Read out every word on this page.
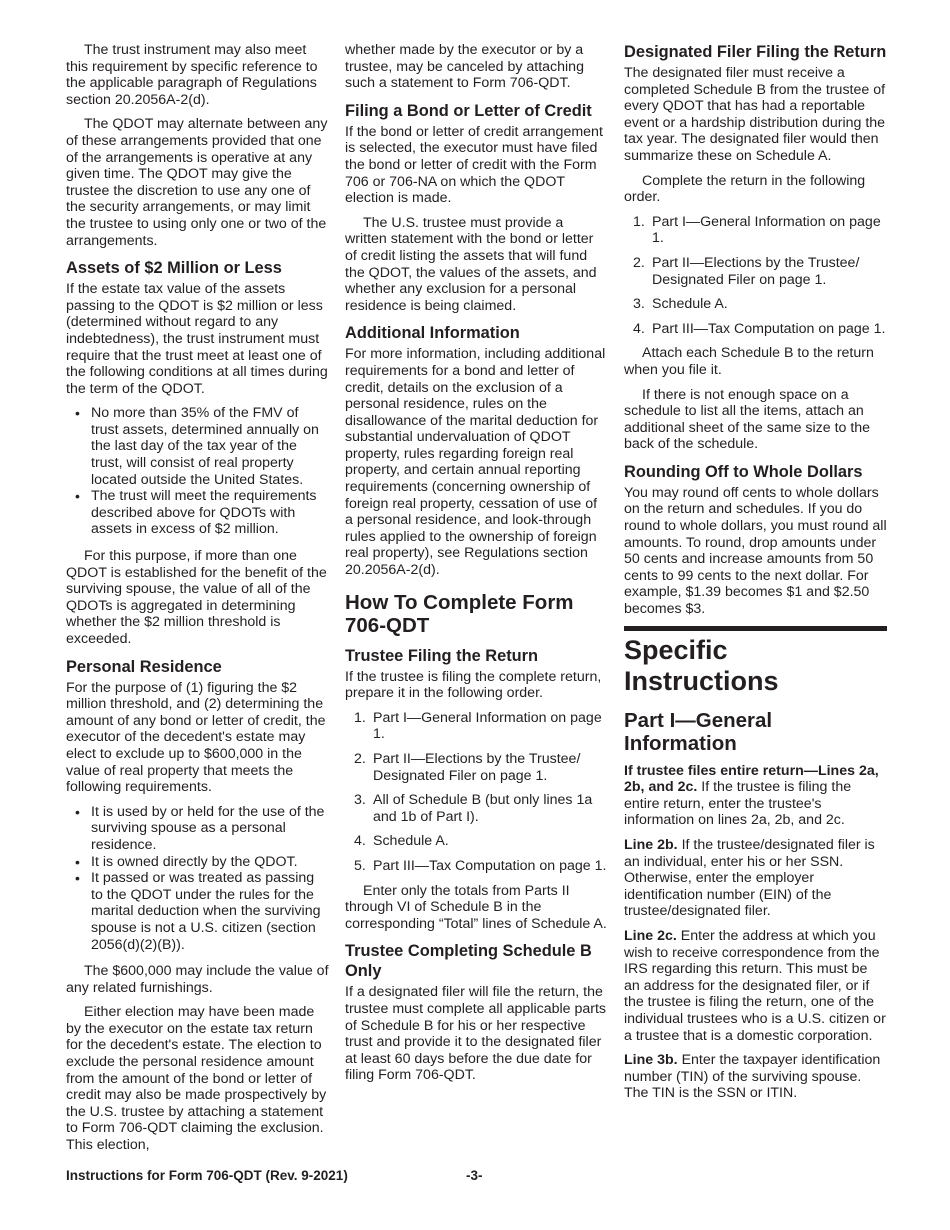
The trust instrument may also meet this requirement by specific reference to the applicable paragraph of Regulations section 20.2056A-2(d).

The QDOT may alternate between any of these arrangements provided that one of the arrangements is operative at any given time. The QDOT may give the trustee the discretion to use any one of the security arrangements, or may limit the trustee to using only one or two of the arrangements.

Assets of $2 Million or Less

If the estate tax value of the assets passing to the QDOT is $2 million or less (determined without regard to any indebtedness), the trust instrument must require that the trust meet at least one of the following conditions at all times during the term of the QDOT.

• No more than 35% of the FMV of trust assets, determined annually on the last day of the tax year of the trust, will consist of real property located outside the United States.
• The trust will meet the requirements described above for QDOTs with assets in excess of $2 million.

For this purpose, if more than one QDOT is established for the benefit of the surviving spouse, the value of all of the QDOTs is aggregated in determining whether the $2 million threshold is exceeded.

Personal Residence

For the purpose of (1) figuring the $2 million threshold, and (2) determining the amount of any bond or letter of credit, the executor of the decedent's estate may elect to exclude up to $600,000 in the value of real property that meets the following requirements.

• It is used by or held for the use of the surviving spouse as a personal residence.
• It is owned directly by the QDOT.
• It passed or was treated as passing to the QDOT under the rules for the marital deduction when the surviving spouse is not a U.S. citizen (section 2056(d)(2)(B)).

The $600,000 may include the value of any related furnishings.

Either election may have been made by the executor on the estate tax return for the decedent's estate. The election to exclude the personal residence amount from the amount of the bond or letter of credit may also be made prospectively by the U.S. trustee by attaching a statement to Form 706-QDT claiming the exclusion. This election,

whether made by the executor or by a trustee, may be canceled by attaching such a statement to Form 706-QDT.

Filing a Bond or Letter of Credit

If the bond or letter of credit arrangement is selected, the executor must have filed the bond or letter of credit with the Form 706 or 706-NA on which the QDOT election is made.

The U.S. trustee must provide a written statement with the bond or letter of credit listing the assets that will fund the QDOT, the values of the assets, and whether any exclusion for a personal residence is being claimed.

Additional Information

For more information, including additional requirements for a bond and letter of credit, details on the exclusion of a personal residence, rules on the disallowance of the marital deduction for substantial undervaluation of QDOT property, rules regarding foreign real property, and certain annual reporting requirements (concerning ownership of foreign real property, cessation of use of a personal residence, and look-through rules applied to the ownership of foreign real property), see Regulations section 20.2056A-2(d).

How To Complete Form 706-QDT
Trustee Filing the Return

If the trustee is filing the complete return, prepare it in the following order.

1. Part I—General Information on page 1.
2. Part II—Elections by the Trustee/ Designated Filer on page 1.
3. All of Schedule B (but only lines 1a and 1b of Part I).
4. Schedule A.
5. Part III—Tax Computation on page 1.

Enter only the totals from Parts II through VI of Schedule B in the corresponding “Total” lines of Schedule A.

Trustee Completing Schedule B Only

If a designated filer will file the return, the trustee must complete all applicable parts of Schedule B for his or her respective trust and provide it to the designated filer at least 60 days before the due date for filing Form 706-QDT.

Designated Filer Filing the Return

The designated filer must receive a completed Schedule B from the trustee of every QDOT that has had a reportable event or a hardship distribution during the tax year. The designated filer would then summarize these on Schedule A.

Complete the return in the following order.

1. Part I—General Information on page 1.
2. Part II—Elections by the Trustee/ Designated Filer on page 1.
3. Schedule A.
4. Part III—Tax Computation on page 1.

Attach each Schedule B to the return when you file it.

If there is not enough space on a schedule to list all the items, attach an additional sheet of the same size to the back of the schedule.

Rounding Off to Whole Dollars

You may round off cents to whole dollars on the return and schedules. If you do round to whole dollars, you must round all amounts. To round, drop amounts under 50 cents and increase amounts from 50 cents to 99 cents to the next dollar. For example, $1.39 becomes $1 and $2.50 becomes $3.

Specific Instructions
Part I—General Information

If trustee files entire return—Lines 2a, 2b, and 2c. If the trustee is filing the entire return, enter the trustee's information on lines 2a, 2b, and 2c.

Line 2b. If the trustee/designated filer is an individual, enter his or her SSN. Otherwise, enter the employer identification number (EIN) of the trustee/designated filer.

Line 2c. Enter the address at which you wish to receive correspondence from the IRS regarding this return. This must be an address for the designated filer, or if the trustee is filing the return, one of the individual trustees who is a U.S. citizen or a trustee that is a domestic corporation.

Line 3b. Enter the taxpayer identification number (TIN) of the surviving spouse. The TIN is the SSN or ITIN.

Instructions for Form 706-QDT (Rev. 9-2021)	-3-
